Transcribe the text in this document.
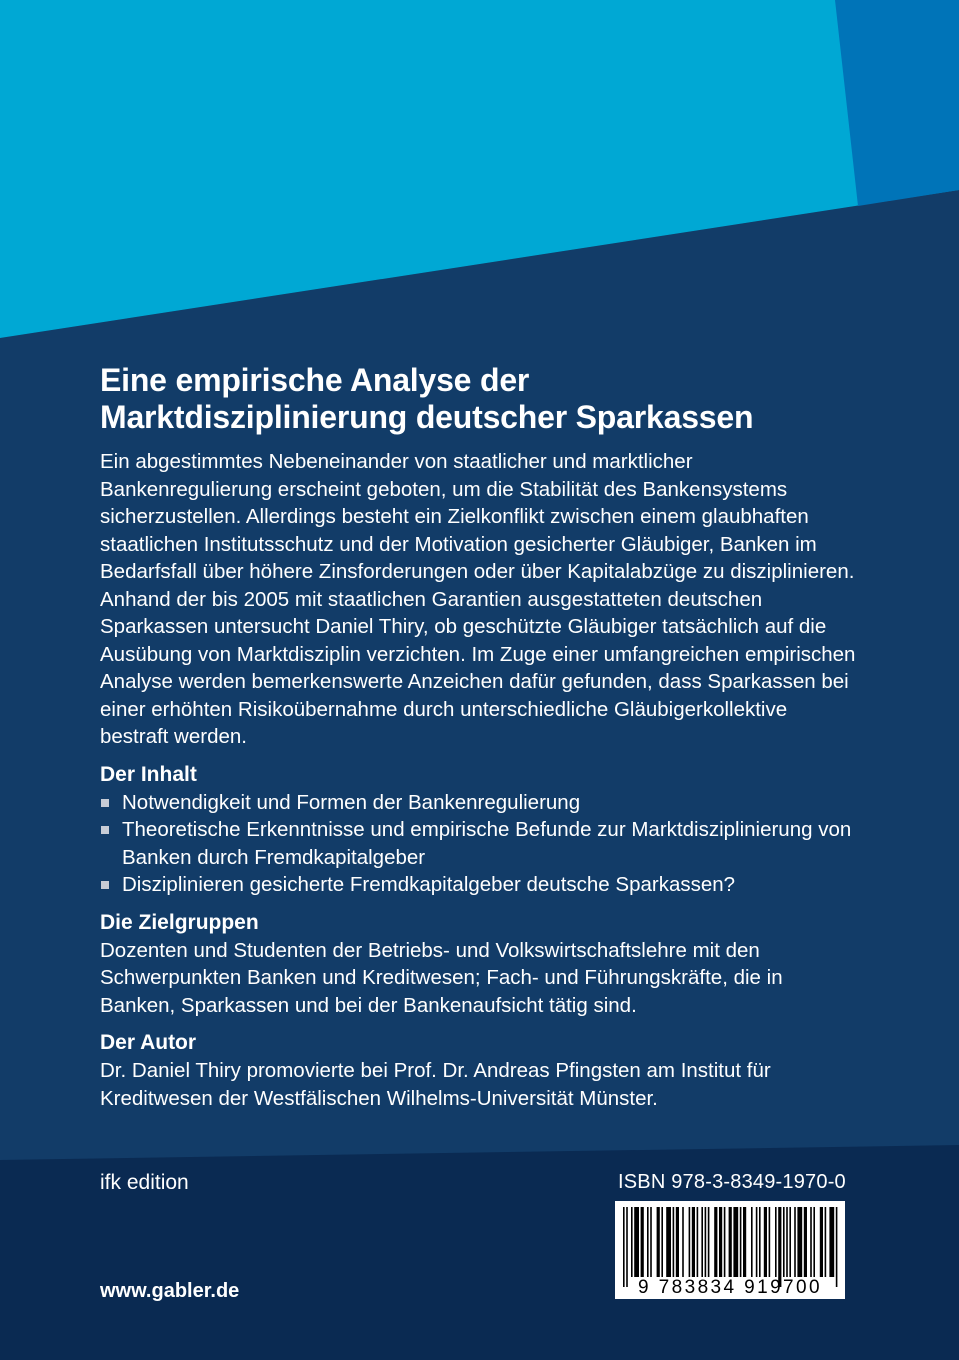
Eine empirische Analyse der
Marktdisziplinierung deutscher Sparkassen

Ein abgestimmtes Nebeneinander von staatlicher und marktlicher Bankenregulierung erscheint geboten, um die Stabilität des Bankensystems sicherzustellen. Allerdings besteht ein Zielkonflikt zwischen einem glaubhaften staatlichen Institutsschutz und der Motivation gesicherter Gläubiger, Banken im Bedarfsfall über höhere Zinsforderungen oder über Kapitalabzüge zu disziplinieren. Anhand der bis 2005 mit staatlichen Garantien ausgestatteten deutschen Sparkassen untersucht Daniel Thiry, ob geschützte Gläubiger tatsächlich auf die Ausübung von Marktdisziplin verzichten. Im Zuge einer umfangreichen empirischen Analyse werden bemerkenswerte Anzeichen dafür gefunden, dass Sparkassen bei einer erhöhten Risikoübernahme durch unterschiedliche Gläubigerkollektive bestraft werden.

Der Inhalt
Notwendigkeit und Formen der Bankenregulierung
Theoretische Erkenntnisse und empirische Befunde zur Marktdisziplinierung von Banken durch Fremdkapitalgeber
Disziplinieren gesicherte Fremdkapitalgeber deutsche Sparkassen?
Die Zielgruppen

Dozenten und Studenten der Betriebs- und Volkswirtschaftslehre mit den Schwerpunkten Banken und Kreditwesen; Fach- und Führungskräfte, die in Banken, Sparkassen und bei der Bankenaufsicht tätig sind.

Der Autor

Dr. Daniel Thiry promovierte bei Prof. Dr. Andreas Pfingsten am Institut für Kreditwesen der Westfälischen Wilhelms-Universität Münster.

ifk edition
www.gabler.de
ISBN 978-3-8349-1970-0
9 783834 919700
